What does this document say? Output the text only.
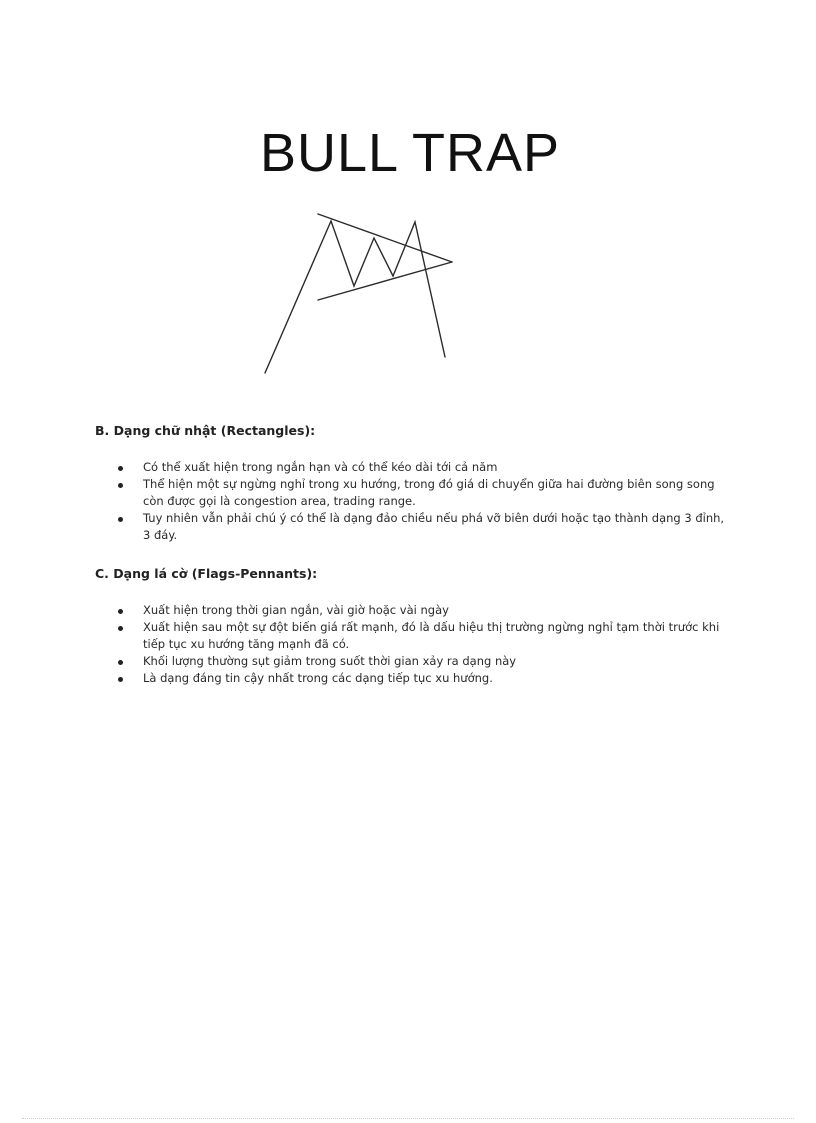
BULL TRAP
B. Dạng chữ nhật (Rectangles):
Có thể xuất hiện trong ngắn hạn và có thể kéo dài tới cả năm
Thể hiện một sự ngừng nghỉ trong xu hướng, trong đó giá di chuyển giữa hai đường biên song song còn được gọi là congestion area, trading range.
Tuy nhiên vẫn phải chú ý có thể là dạng đảo chiều nếu phá vỡ biên dưới hoặc tạo thành dạng 3 đỉnh, 3 đáy.
C. Dạng lá cờ (Flags-Pennants):
Xuất hiện trong thời gian ngắn, vài giờ hoặc vài ngày
Xuất hiện sau một sự đột biến giá rất mạnh, đó là dấu hiệu thị trường ngừng nghỉ tạm thời trước khi tiếp tục xu hướng tăng mạnh đã có.
Khối lượng thường sụt giảm trong suốt thời gian xảy ra dạng này
Là dạng đáng tin cậy nhất trong các dạng tiếp tục xu hướng.
